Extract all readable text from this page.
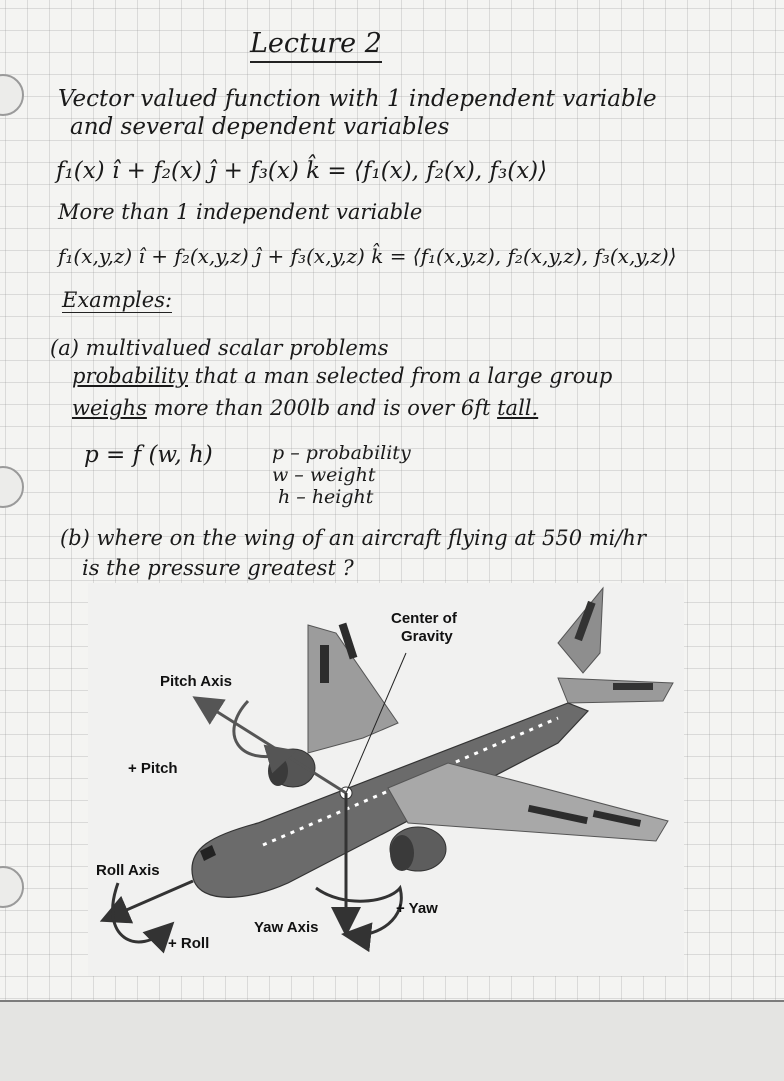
Lecture 2
Vector valued function with 1 independent variable
and several dependent variables
f₁(x) î + f₂(x) ĵ + f₃(x) k̂ = ⟨f₁(x), f₂(x), f₃(x)⟩
More than 1 independent variable
f₁(x,y,z) î + f₂(x,y,z) ĵ + f₃(x,y,z) k̂ = ⟨f₁(x,y,z), f₂(x,y,z), f₃(x,y,z)⟩
Examples:
(a) multivalued scalar problems
probability that a man selected from a large group
weighs more than 200lb and is over 6ft tall.
p = f (w, h)	p – probability
w – weight
h – height
(b) where on the wing of an aircraft flying at 550 mi/hr
is the pressure greatest ?
Center of
Gravity
Pitch Axis
+ Pitch
Roll Axis
+ Roll
Yaw Axis
+ Yaw
